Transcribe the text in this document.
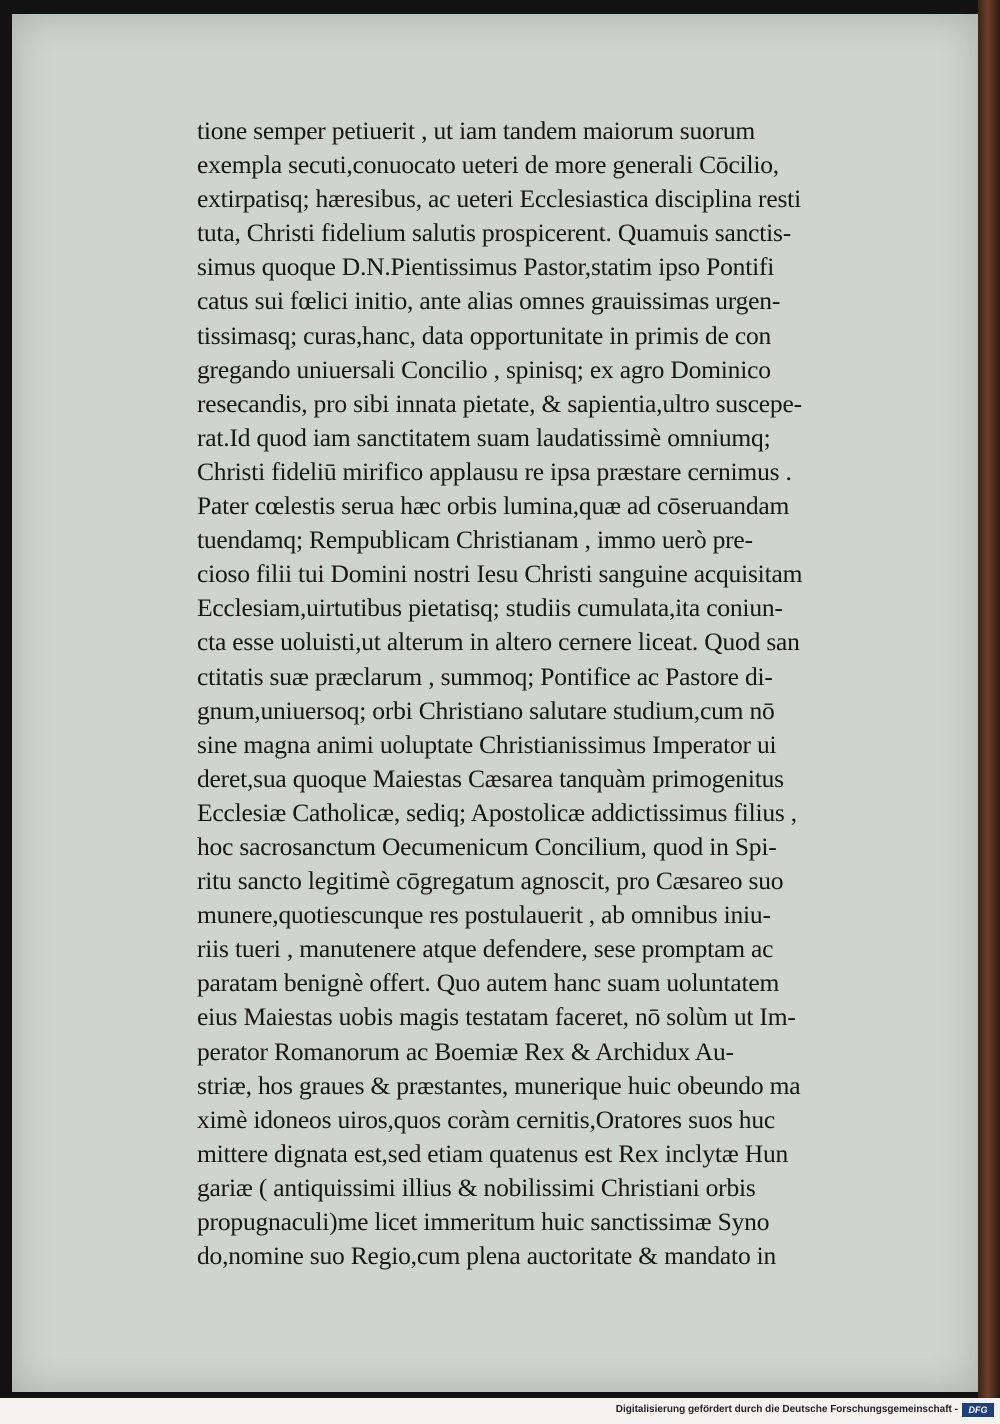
tione semper petiuerit , ut iam tandem maiorum suorum
exempla secuti,conuocato ueteri de more generali Cōcilio,
extirpatisq; hæresibus, ac ueteri Ecclesiastica disciplina resti
tuta, Christi fidelium salutis prospicerent. Quamuis sanctis-
simus quoque D.N.Pientissimus Pastor,statim ipso Pontifi
catus sui fœlici initio, ante alias omnes grauissimas urgen-
tissimasq; curas,hanc, data opportunitate in primis de con
gregando uniuersali Concilio , spinisq; ex agro Dominico
resecandis, pro sibi innata pietate, & sapientia,ultro suscepe-
rat.Id quod iam sanctitatem suam laudatissimè omniumq;
Christi fideliū mirifico applausu re ipsa præstare cernimus .
Pater cœlestis serua hæc orbis lumina,quæ ad cōseruandam
tuendamq; Rempublicam Christianam , immo uerò pre-
cioso filii tui Domini nostri Iesu Christi sanguine acquisitam
Ecclesiam,uirtutibus pietatisq; studiis cumulata,ita coniun-
cta esse uoluisti,ut alterum in altero cernere liceat. Quod san
ctitatis suæ præclarum , summoq; Pontifice ac Pastore di-
gnum,uniuersoq; orbi Christiano salutare studium,cum nō
sine magna animi uoluptate Christianissimus Imperator ui
deret,sua quoque Maiestas Cæsarea tanquàm primogenitus
Ecclesiæ Catholicæ, sediq; Apostolicæ addictissimus filius ,
hoc sacrosanctum Oecumenicum Concilium, quod in Spi-
ritu sancto legitimè cōgregatum agnoscit, pro Cæsareo suo
munere,quotiescunque res postulauerit , ab omnibus iniu-
riis tueri , manutenere atque defendere, sese promptam ac
paratam benignè offert. Quo autem hanc suam uoluntatem
eius Maiestas uobis magis testatam faceret, nō solùm ut Im-
perator Romanorum ac Boemiæ Rex & Archidux Au-
striæ, hos graues & præstantes, munerique huic obeundo ma
ximè idoneos uiros,quos coràm cernitis,Oratores suos huc
mittere dignata est,sed etiam quatenus est Rex inclytæ Hun
gariæ ( antiquissimi illius & nobilissimi Christiani orbis
propugnaculi)me licet immeritum huic sanctissimæ Syno
do,nomine suo Regio,cum plena auctoritate & mandato in
Digitalisierung gefördert durch die Deutsche Forschungsgemeinschaft -	DFG
